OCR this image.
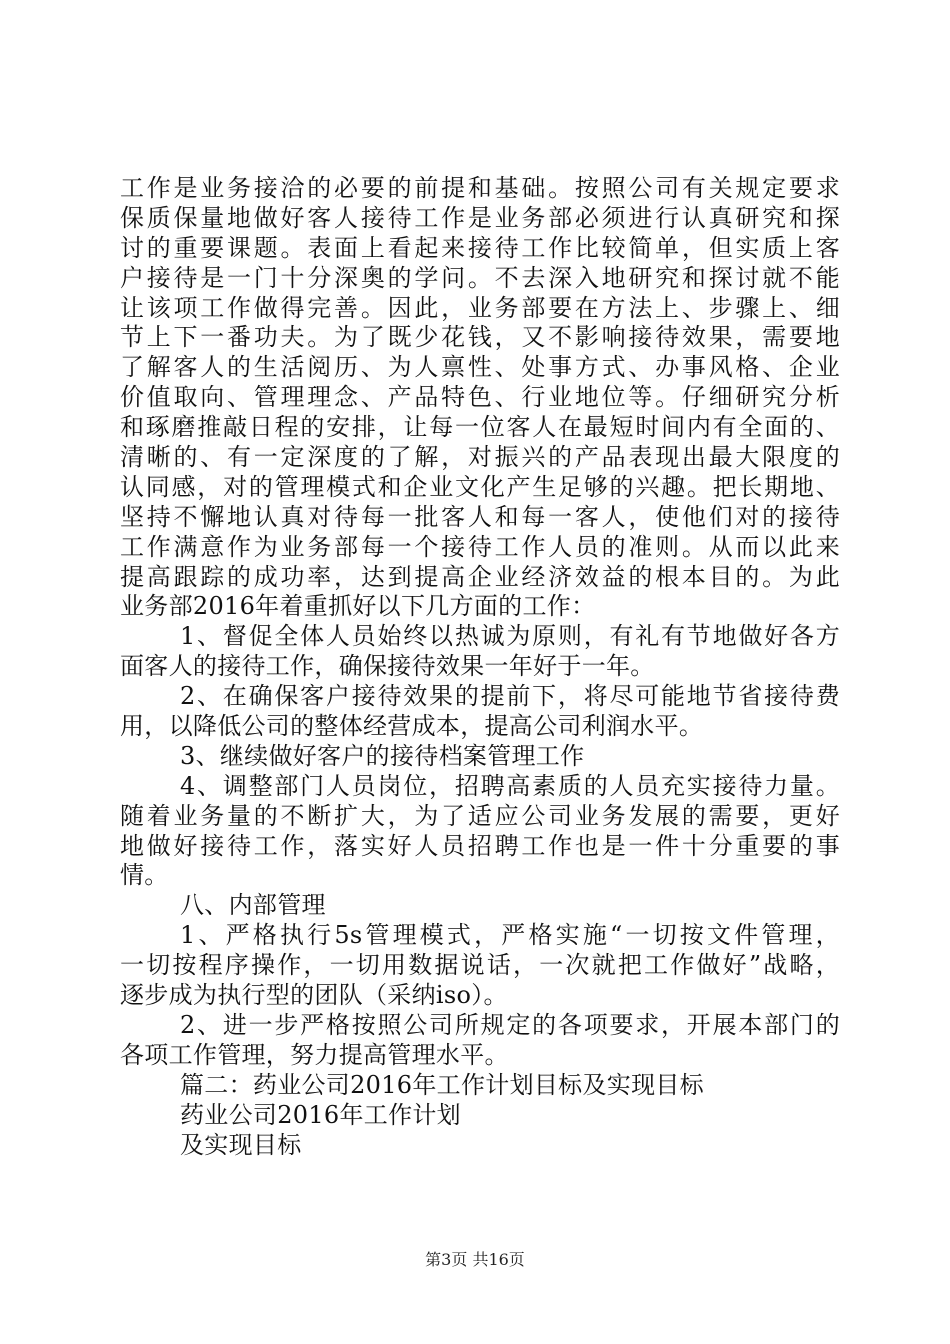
工作是业务接洽的必要的前提和基础。按照公司有关规定要求
保质保量地做好客人接待工作是业务部必须进行认真研究和探
讨的重要课题。表面上看起来接待工作比较简单，但实质上客
户接待是一门十分深奥的学问。不去深入地研究和探讨就不能
让该项工作做得完善。因此，业务部要在方法上、步骤上、细
节上下一番功夫。为了既少花钱，又不影响接待效果，需要地
了解客人的生活阅历、为人禀性、处事方式、办事风格、企业
价值取向、管理理念、产品特色、行业地位等。仔细研究分析
和琢磨推敲日程的安排，让每一位客人在最短时间内有全面的、
清晰的、有一定深度的了解，对振兴的产品表现出最大限度的
认同感，对的管理模式和企业文化产生足够的兴趣。把长期地、
坚持不懈地认真对待每一批客人和每一客人，使他们对的接待
工作满意作为业务部每一个接待工作人员的准则。从而以此来
提高跟踪的成功率，达到提高企业经济效益的根本目的。为此
业务部2016年着重抓好以下几方面的工作：
1、督促全体人员始终以热诚为原则，有礼有节地做好各方
面客人的接待工作，确保接待效果一年好于一年。
2、在确保客户接待效果的提前下，将尽可能地节省接待费
用，以降低公司的整体经营成本，提高公司利润水平。
3、继续做好客户的接待档案管理工作
4、调整部门人员岗位，招聘高素质的人员充实接待力量。
随着业务量的不断扩大，为了适应公司业务发展的需要，更好
地做好接待工作，落实好人员招聘工作也是一件十分重要的事
情。
八、内部管理
1、严格执行5s管理模式，严格实施“一切按文件管理，
一切按程序操作，一切用数据说话，一次就把工作做好”战略，
逐步成为执行型的团队（采纳iso）。
2、进一步严格按照公司所规定的各项要求，开展本部门的
各项工作管理，努力提高管理水平。
篇二：药业公司2016年工作计划目标及实现目标
药业公司2016年工作计划
及实现目标
第3页 共16页
